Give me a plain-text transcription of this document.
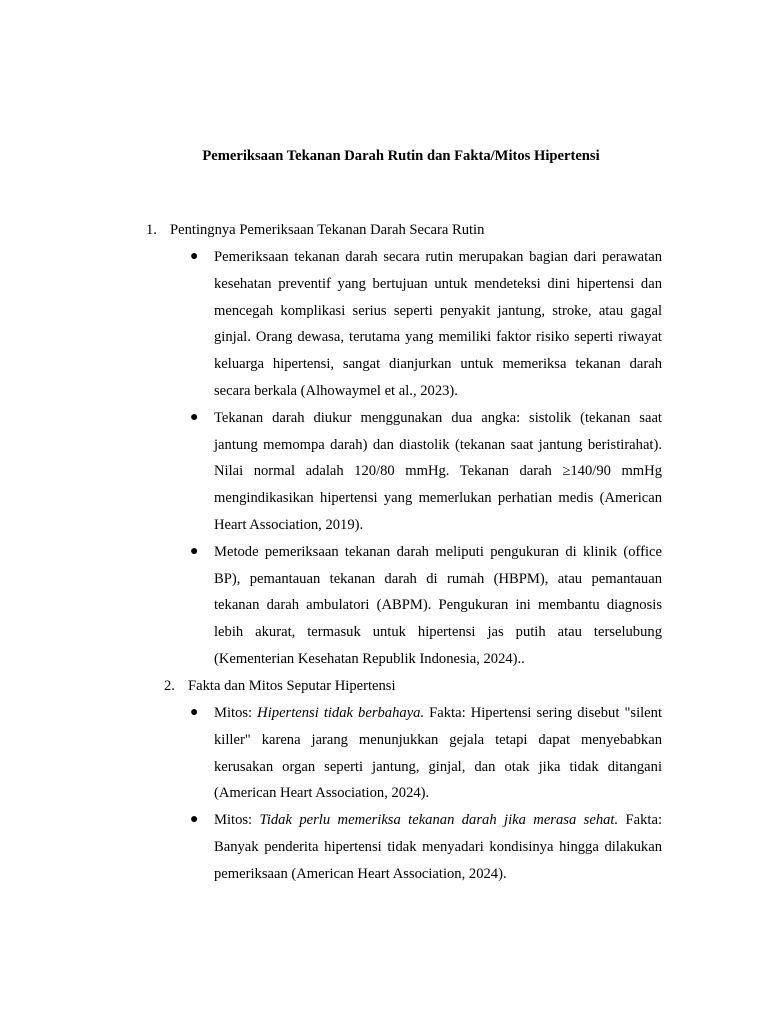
Pemeriksaan Tekanan Darah Rutin dan Fakta/Mitos Hipertensi
1. Pentingnya Pemeriksaan Tekanan Darah Secara Rutin
● Pemeriksaan tekanan darah secara rutin merupakan bagian dari perawatan kesehatan preventif yang bertujuan untuk mendeteksi dini hipertensi dan mencegah komplikasi serius seperti penyakit jantung, stroke, atau gagal ginjal. Orang dewasa, terutama yang memiliki faktor risiko seperti riwayat keluarga hipertensi, sangat dianjurkan untuk memeriksa tekanan darah secara berkala (Alhowaymel et al., 2023).

● Tekanan darah diukur menggunakan dua angka: sistolik (tekanan saat jantung memompa darah) dan diastolik (tekanan saat jantung beristirahat). Nilai normal adalah 120/80 mmHg. Tekanan darah ≥140/90 mmHg mengindikasikan hipertensi yang memerlukan perhatian medis (American Heart Association, 2019).

● Metode pemeriksaan tekanan darah meliputi pengukuran di klinik (office BP), pemantauan tekanan darah di rumah (HBPM), atau pemantauan tekanan darah ambulatori (ABPM). Pengukuran ini membantu diagnosis lebih akurat, termasuk untuk hipertensi jas putih atau terselubung (Kementerian Kesehatan Republik Indonesia, 2024)..

2. Fakta dan Mitos Seputar Hipertensi
● Mitos: Hipertensi tidak berbahaya. Fakta: Hipertensi sering disebut "silent killer" karena jarang menunjukkan gejala tetapi dapat menyebabkan kerusakan organ seperti jantung, ginjal, dan otak jika tidak ditangani (American Heart Association, 2024).

● Mitos: Tidak perlu memeriksa tekanan darah jika merasa sehat. Fakta: Banyak penderita hipertensi tidak menyadari kondisinya hingga dilakukan pemeriksaan (American Heart Association, 2024).
